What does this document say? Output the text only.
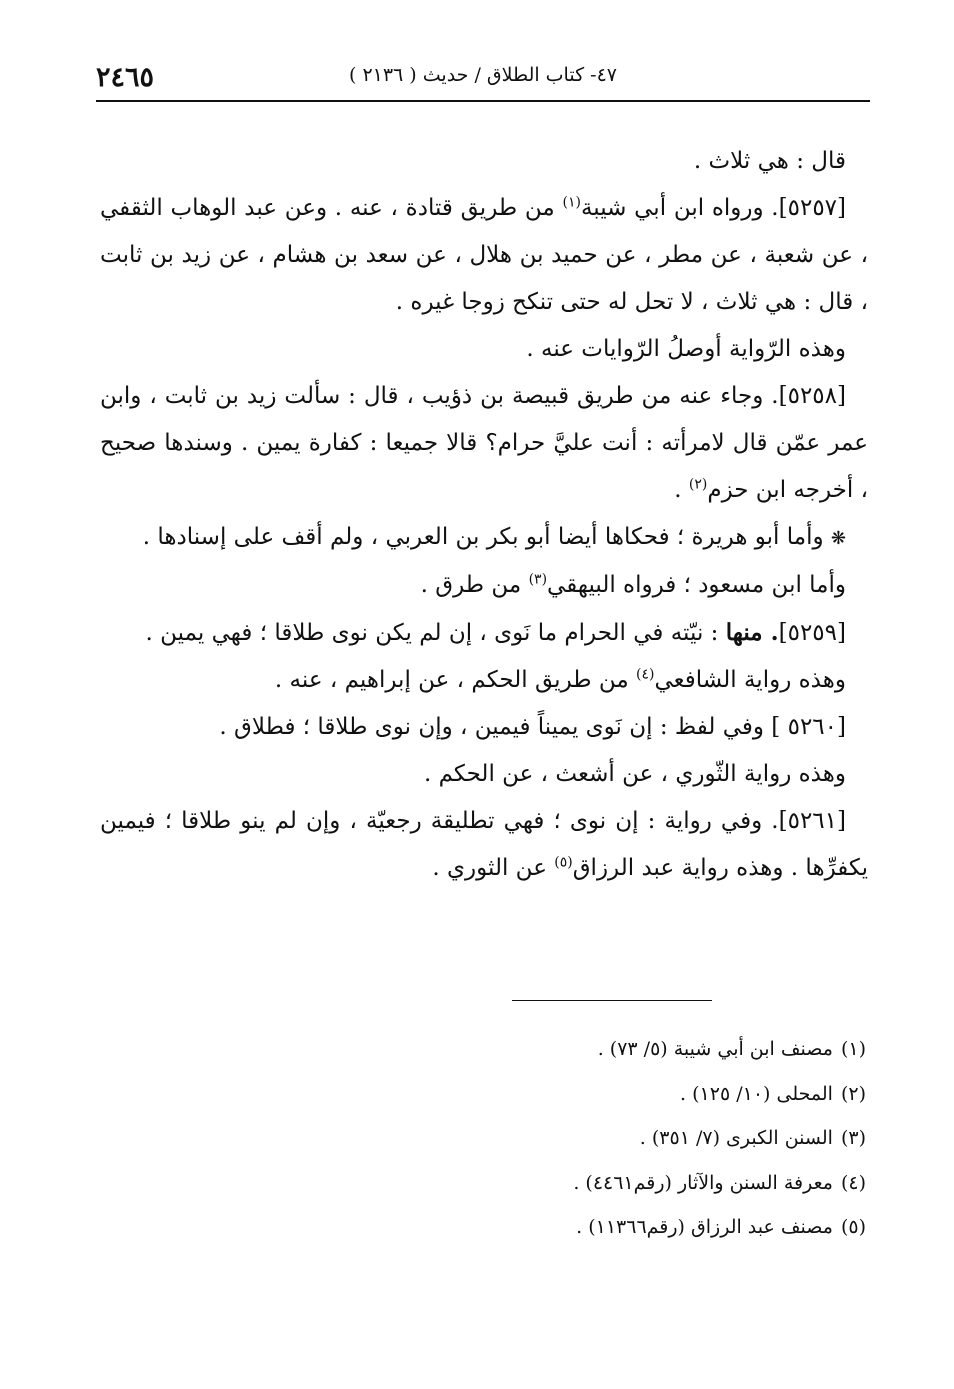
٢٤٦٥	٤٧- كتاب الطلاق / حديث ( ٢١٣٦ )

قال : هي ثلاث .

[٥٢٥٧]. ورواه ابن أبي شيبة$^{(١)}$ من طريق قتادة ، عنه . وعن عبد الوهاب الثقفي ، عن شعبة ، عن مطر ، عن حميد بن هلال ، عن سعد بن هشام ، عن زيد بن ثابت ، قال : هي ثلاث ، لا تحل له حتى تنكح زوجا غيره .

وهذه الرّواية أوصلُ الرّوايات عنه .

[٥٢٥٨]. وجاء عنه من طريق قبيصة بن ذؤيب ، قال : سألت زيد بن ثابت ، وابن عمر عمّن قال لامرأته : أنت عليَّ حرام؟ قالا جميعا : كفارة يمين . وسندها صحيح ، أخرجه ابن حزم$^{(٢)}$ .

❋ وأما أبو هريرة ؛ فحكاها أيضا أبو بكر بن العربي ، ولم أقف على إسنادها .

وأما ابن مسعود ؛ فرواه البيهقي$^{(٣)}$ من طرق .

[٥٢٥٩]. منها : نيّته في الحرام ما نَوى ، إن لم يكن نوى طلاقا ؛ فهي يمين .

وهذه رواية الشافعي$^{(٤)}$ من طريق الحكم ، عن إبراهيم ، عنه .

[٥٢٦٠ ] وفي لفظ : إن نَوى يميناً فيمين ، وإن نوى طلاقا ؛ فطلاق .

وهذه رواية الثّوري ، عن أشعث ، عن الحكم .

[٥٢٦١]. وفي رواية : إن نوى ؛ فهي تطليقة رجعيّة ، وإن لم ينو طلاقا ؛ فيمين يكفرِّها . وهذه رواية عبد الرزاق$^{(٥)}$ عن الثوري .

(١)مصنف ابن أبي شيبة (٥/ ٧٣) .

(٢)المحلى (١٠/ ١٢٥) .

(٣)السنن الكبرى (٧/ ٣٥١) .

(٤)معرفة السنن والآثار (رقم٤٤٦١) .

(٥)مصنف عبد الرزاق (رقم١١٣٦٦) .
